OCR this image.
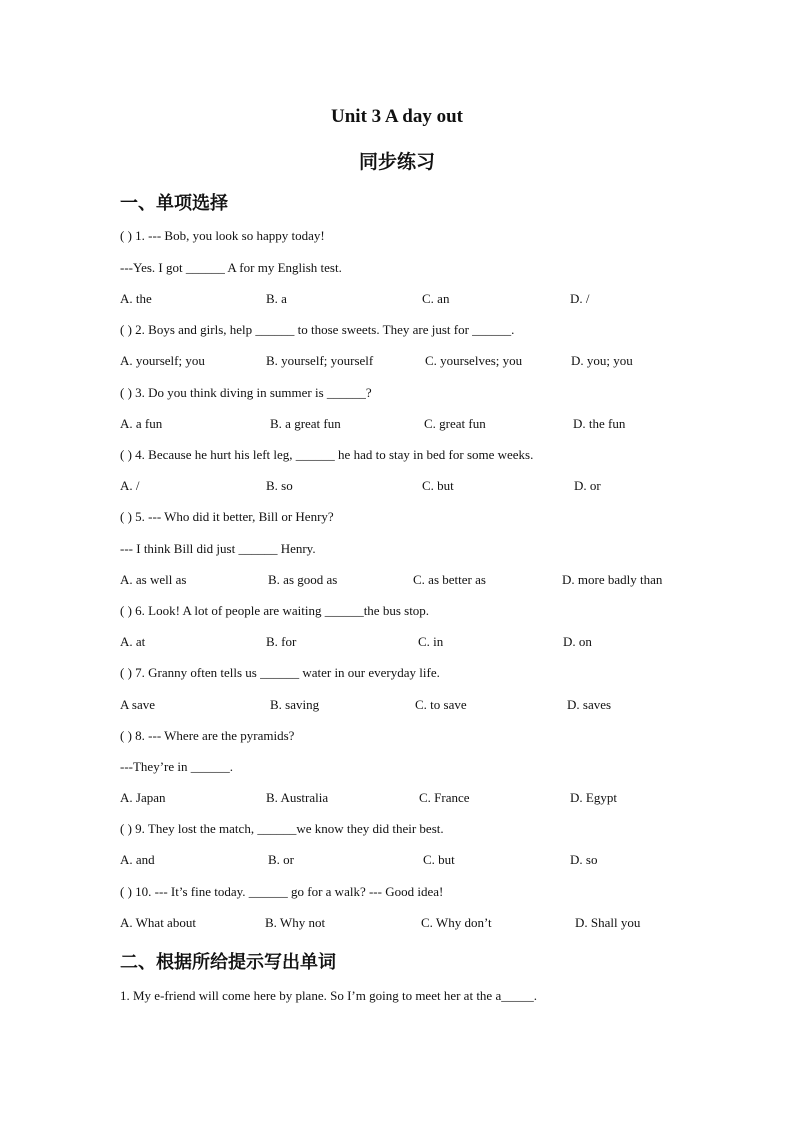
Unit 3 A day out
同步练习
一、单项选择
( ) 1. --- Bob, you look so happy today!
---Yes. I got ______ A for my English test.
A. the	B. a	C. an	D. /
( ) 2. Boys and girls, help ______ to those sweets. They are just for ______.
A. yourself; you	B. yourself; yourself	C. yourselves; you	D. you; you
( ) 3. Do you think diving in summer is ______?
A. a fun	B. a great fun	C. great fun	D. the fun
( ) 4. Because he hurt his left leg, ______ he had to stay in bed for some weeks.
A. /	B. so	C. but	D. or
( ) 5. --- Who did it better, Bill or Henry?
--- I think Bill did just ______ Henry.
A. as well as	B. as good as	C. as better as	D. more badly than
( ) 6. Look! A lot of people are waiting ______the bus stop.
A. at	B. for	C. in	D. on
( ) 7. Granny often tells us ______ water in our everyday life.
A save	B. saving	C. to save	D. saves
( ) 8. --- Where are the pyramids?
---They’re in ______.
A. Japan	B. Australia	C. France	D. Egypt
( ) 9. They lost the match, ______we know they did their best.
A. and	B. or	C. but	D. so
( ) 10. --- It’s fine today. ______ go for a walk? --- Good idea!
A. What about	B. Why not	C. Why don’t	D. Shall you
二、根据所给提示写出单词
1. My e-friend will come here by plane. So I’m going to meet her at the a_____.
